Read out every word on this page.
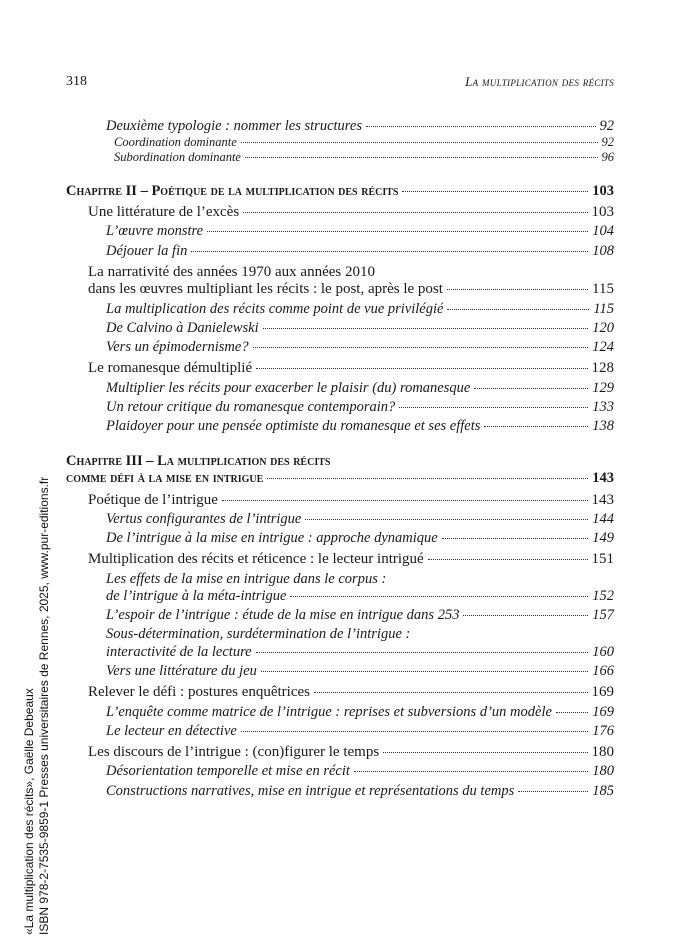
318	La multiplication des récits
Deuxième typologie : nommer les structures	92
Coordination dominante	92
Subordination dominante	96
Chapitre II – Poétique de la multiplication des récits	103
Une littérature de l’excès	103
L’œuvre monstre	104
Déjouer la fin	108
La narrativité des années 1970 aux années 2010
dans les œuvres multipliant les récits : le post, après le post	115
La multiplication des récits comme point de vue privilégié	115
De Calvino à Danielewski	120
Vers un épimodernisme?	124
Le romanesque démultiplié	128
Multiplier les récits pour exacerber le plaisir (du) romanesque	129
Un retour critique du romanesque contemporain?	133
Plaidoyer pour une pensée optimiste du romanesque et ses effets	138
Chapitre III – La multiplication des récits
comme défi à la mise en intrigue	143
Poétique de l’intrigue	143
Vertus configurantes de l’intrigue	144
De l’intrigue à la mise en intrigue : approche dynamique	149
Multiplication des récits et réticence : le lecteur intrigué	151
Les effets de la mise en intrigue dans le corpus :
de l’intrigue à la méta-intrigue	152
L’espoir de l’intrigue : étude de la mise en intrigue dans 253	157
Sous-détermination, surdétermination de l’intrigue :
interactivité de la lecture	160
Vers une littérature du jeu	166
Relever le défi : postures enquêtrices	169
L’enquête comme matrice de l’intrigue : reprises et subversions d’un modèle	169
Le lecteur en détective	176
Les discours de l’intrigue : (con)figurer le temps	180
Désorientation temporelle et mise en récit	180
Constructions narratives, mise en intrigue et représentations du temps	185
«La multiplication des récits», Gaëlle Debeaux ISBN 978-2-7535-9859-1 Presses universitaires de Rennes, 2025, www.pur-editions.fr
